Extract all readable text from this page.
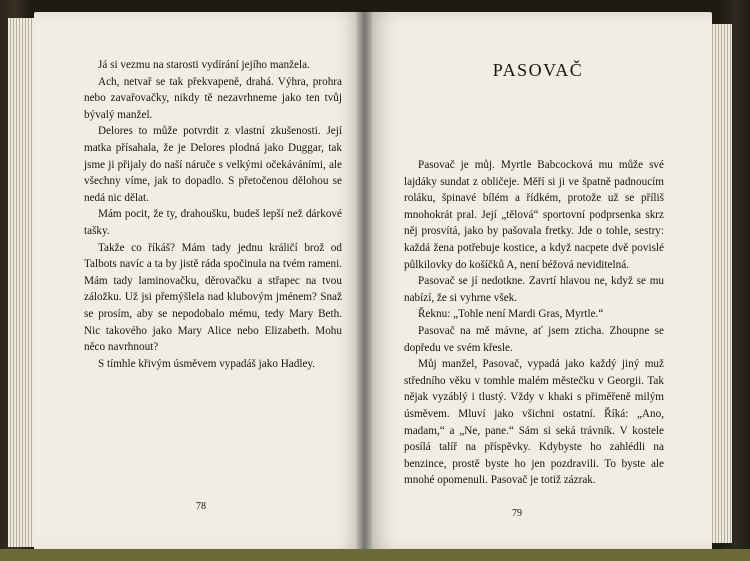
Já si vezmu na starosti vydírání jejího manžela.

Ach, netvař se tak překvapeně, drahá. Výhra, prohra nebo zavařovačky, nikdy tě nezavrhneme jako ten tvůj bývalý manžel.

Delores to může potvrdit z vlastní zkušenosti. Její matka přísahala, že je Delores plodná jako Duggar, tak jsme ji přijaly do naší náruče s velkými očekáváními, ale všechny víme, jak to dopadlo. S přetočenou dělohou se nedá nic dělat.

Mám pocit, že ty, drahoušku, budeš lepší než dárkové tašky.

Takže co říkáš? Mám tady jednu králičí brož od Talbots navíc a ta by jistě ráda spočinula na tvém rameni. Mám tady laminovačku, děrovačku a střapec na tvou záložku. Už jsi přemýšlela nad klubovým jménem? Snaž se prosím, aby se nepodobalo mému, tedy Mary Beth. Nic takového jako Mary Alice nebo Elizabeth. Mohu něco navrhnout?

S tímhle křivým úsměvem vypadáš jako Hadley.

78
PASOVAČ

Pasovač je můj. Myrtle Babcocková mu může své lajdáky sundat z obličeje. Měří si ji ve špatně padnoucím roláku, špinavé bílém a řídkém, protože už se příliš mnohokrát pral. Její „tělová“ sportovní podprsenka skrz něj prosvítá, jako by pašovala fretky. Jde o tohle, sestry: každá žena potřebuje kostice, a když nacpete dvě povislé půlkilovky do košíčků A, není béžová neviditelná.

Pasovač se jí nedotkne. Zavrtí hlavou ne, když se mu nabízí, že si vyhrne všek.

Řeknu: „Tohle není Mardi Gras, Myrtle.“

Pasovač na mě mávne, ať jsem zticha. Zhoupne se dopředu ve svém křesle.

Můj manžel, Pasovač, vypadá jako každý jiný muž středního věku v tomhle malém městečku v Georgii. Tak nějak vyzáblý i tlustý. Vždy v khaki s přiměřeně milým úsměvem. Mluví jako všichni ostatní. Říká: „Ano, madam,“ a „Ne, pane.“ Sám si seká trávník. V kostele posílá talíř na příspěvky. Kdybyste ho zahlédli na benzince, prostě byste ho jen pozdravili. To byste ale mnohé opomenuli. Pasovač je totiž zázrak.

79
